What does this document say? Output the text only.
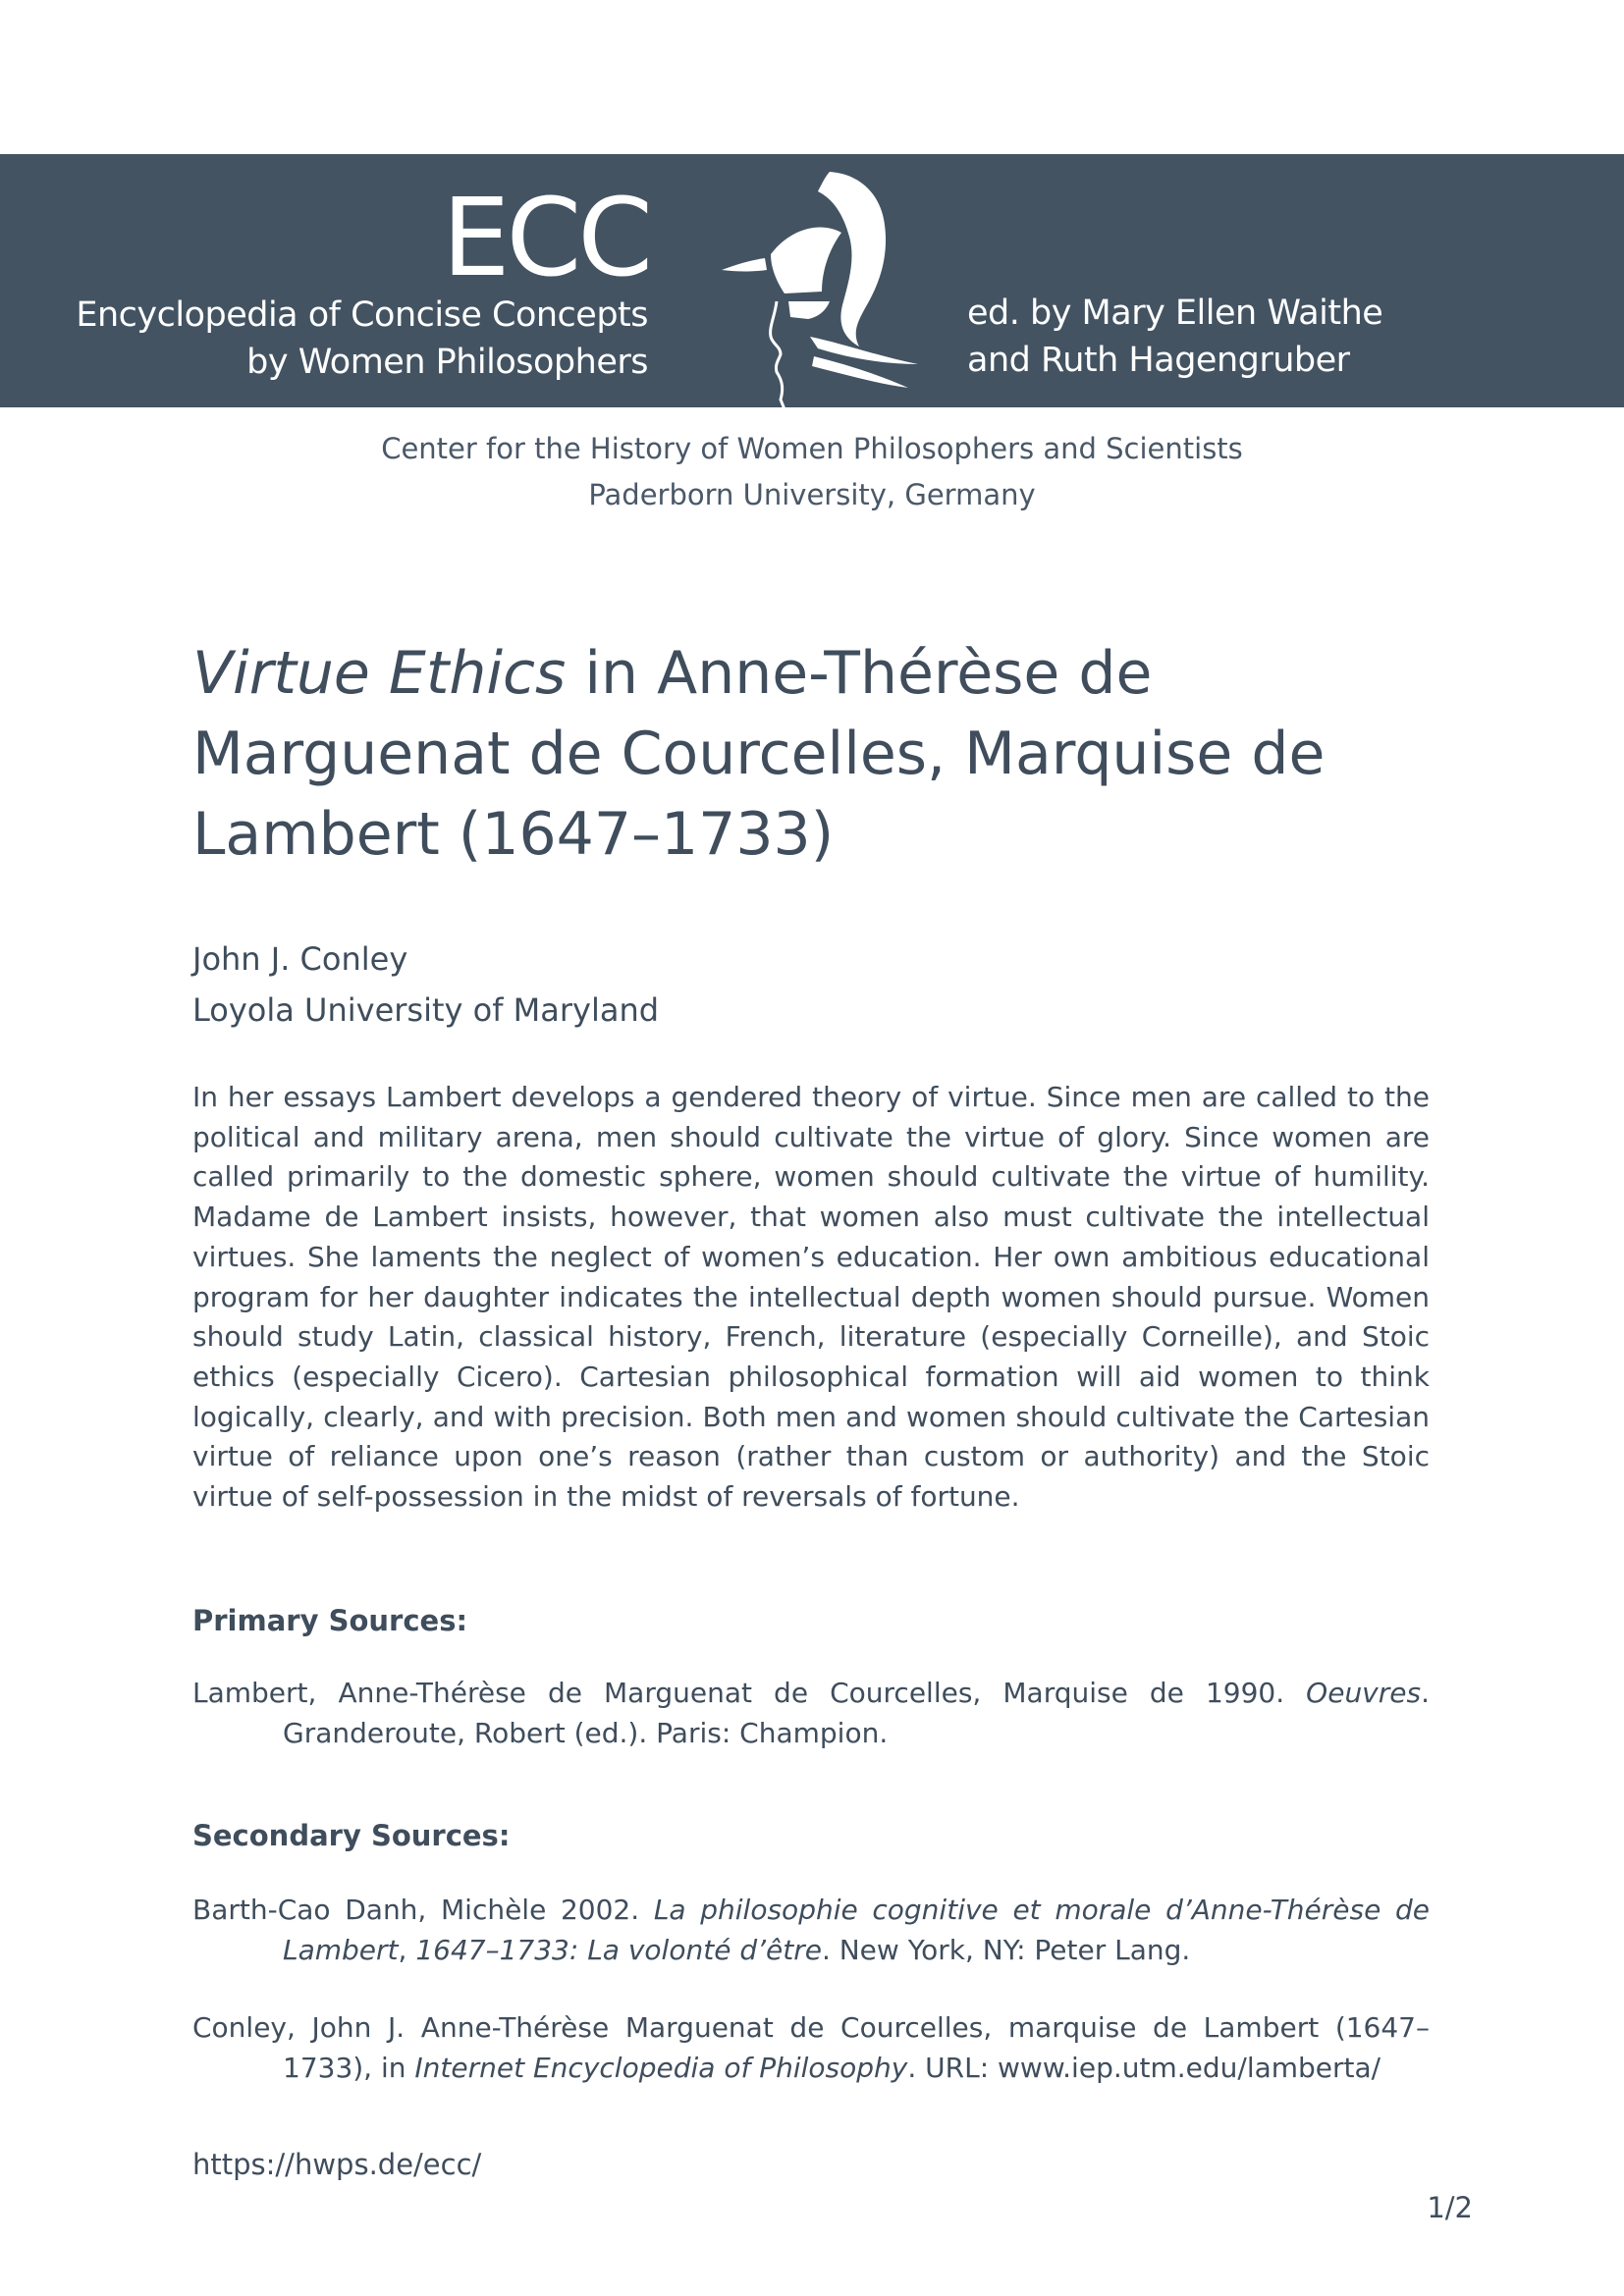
ECC
Encyclopedia of Concise Concepts
by Women Philosophers
ed. by Mary Ellen Waithe
and Ruth Hagengruber
Center for the History of Women Philosophers and Scientists
Paderborn University, Germany
Virtue Ethics in Anne-Thérèse de Marguenat de Courcelles, Marquise de Lambert (1647–1733)
John J. Conley
Loyola University of Maryland

In her essays Lambert develops a gendered theory of virtue. Since men are called to the political and military arena, men should cultivate the virtue of glory. Since women are called primarily to the domestic sphere, women should cultivate the virtue of humility. Madame de Lambert insists, however, that women also must cultivate the intellectual virtues. She laments the neglect of women’s education. Her own ambitious educational program for her daughter indicates the intellectual depth women should pursue. Women should study Latin, classical history, French, literature (especially Corneille), and Stoic ethics (especially Cicero). Cartesian philosophical formation will aid women to think logically, clearly, and with precision. Both men and women should cultivate the Cartesian virtue of reliance upon one’s reason (rather than custom or authority) and the Stoic virtue of self-possession in the midst of reversals of fortune.

Primary Sources:

Lambert, Anne-Thérèse de Marguenat de Courcelles, Marquise de 1990. Oeuvres. Granderoute, Robert (ed.). Paris: Champion.

Secondary Sources:

Barth-Cao Danh, Michèle 2002. La philosophie cognitive et morale d’Anne-Thérèse de Lambert, 1647–1733: La volonté d’être. New York, NY: Peter Lang.

Conley, John J. Anne-Thérèse Marguenat de Courcelles, marquise de Lambert (1647–1733), in Internet Encyclopedia of Philosophy. URL: www.iep.utm.edu/lamberta/

https://hwps.de/ecc/
1/2
